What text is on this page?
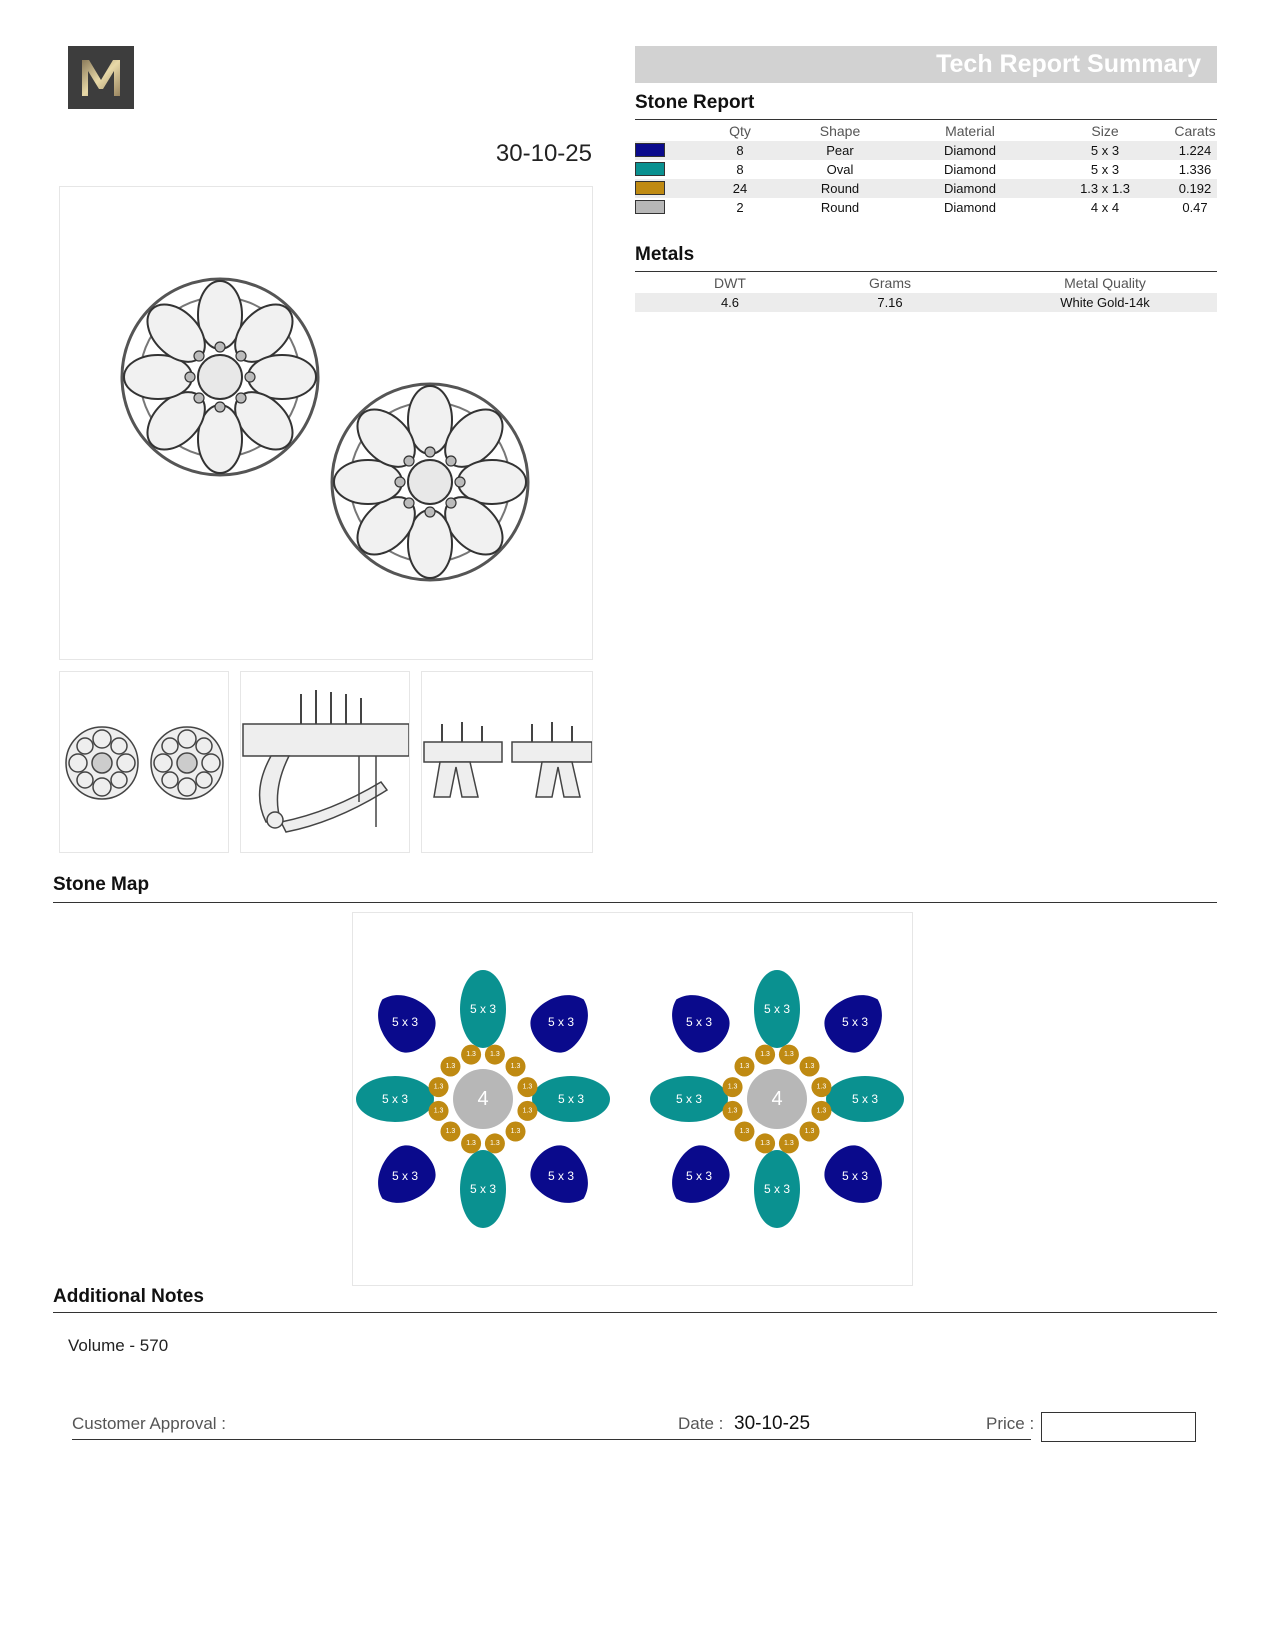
30-10-25
Tech Report Summary
Stone Report
Qty	Shape	Material	Size	Carats
8	Pear	Diamond	5 x 3	1.224
8	Oval	Diamond	5 x 3	1.336
24	Round	Diamond	1.3 x 1.3	0.192
2	Round	Diamond	4 x 4	0.47
Metals
DWT	Grams	Metal Quality
4.6	7.16	White Gold-14k
Stone Map
5 x 3	5 x 3
5 x 3	5 x 3
5 x 3
5 x 3
5 x 3
5 x 3
1.3
1.3
1.3
1.3
1.3
1.3
1.3
1.3
1.3 1.3
1.3
1.3
4
5 x 3	5 x 3
5 x 3	5 x 3
5 x 3
5 x 3
5 x 3
5 x 3
1.3
1.3
1.3
1.3
1.3
1.3
1.3
1.3
1.3 1.3
1.3
1.3
4
Additional Notes
Volume - 570
Customer Approval :	Date : 30-10-25	Price :
